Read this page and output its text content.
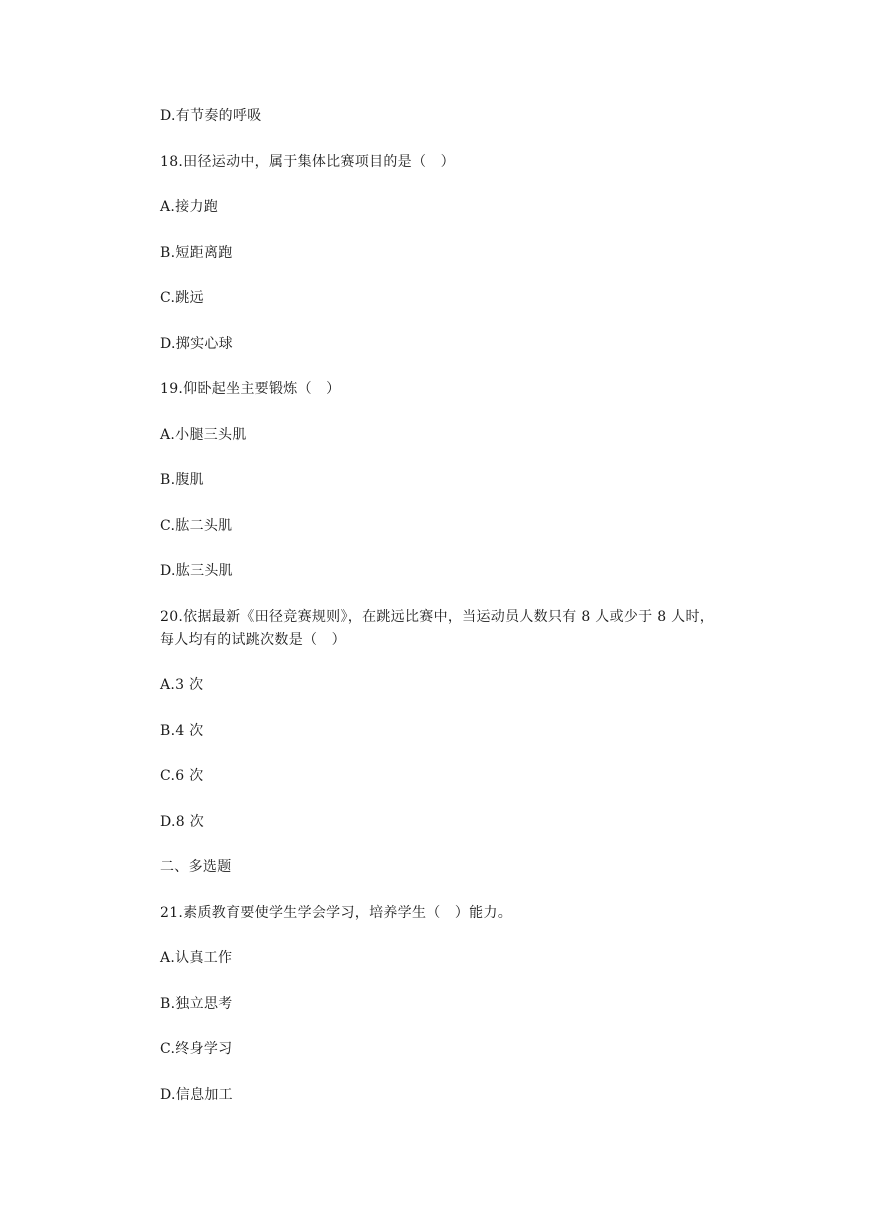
D.有节奏的呼吸
18.田径运动中，属于集体比赛项目的是（　）
A.接力跑
B.短距离跑
C.跳远
D.掷实心球
19.仰卧起坐主要锻炼（　）
A.小腿三头肌
B.腹肌
C.肱二头肌
D.肱三头肌
20.依据最新《田径竞赛规则》，在跳远比赛中，当运动员人数只有 8 人或少于 8 人时，
每人均有的试跳次数是（　）
A.3 次
B.4 次
C.6 次
D.8 次
二、多选题
21.素质教育要使学生学会学习，培养学生（　）能力。
A.认真工作
B.独立思考
C.终身学习
D.信息加工
